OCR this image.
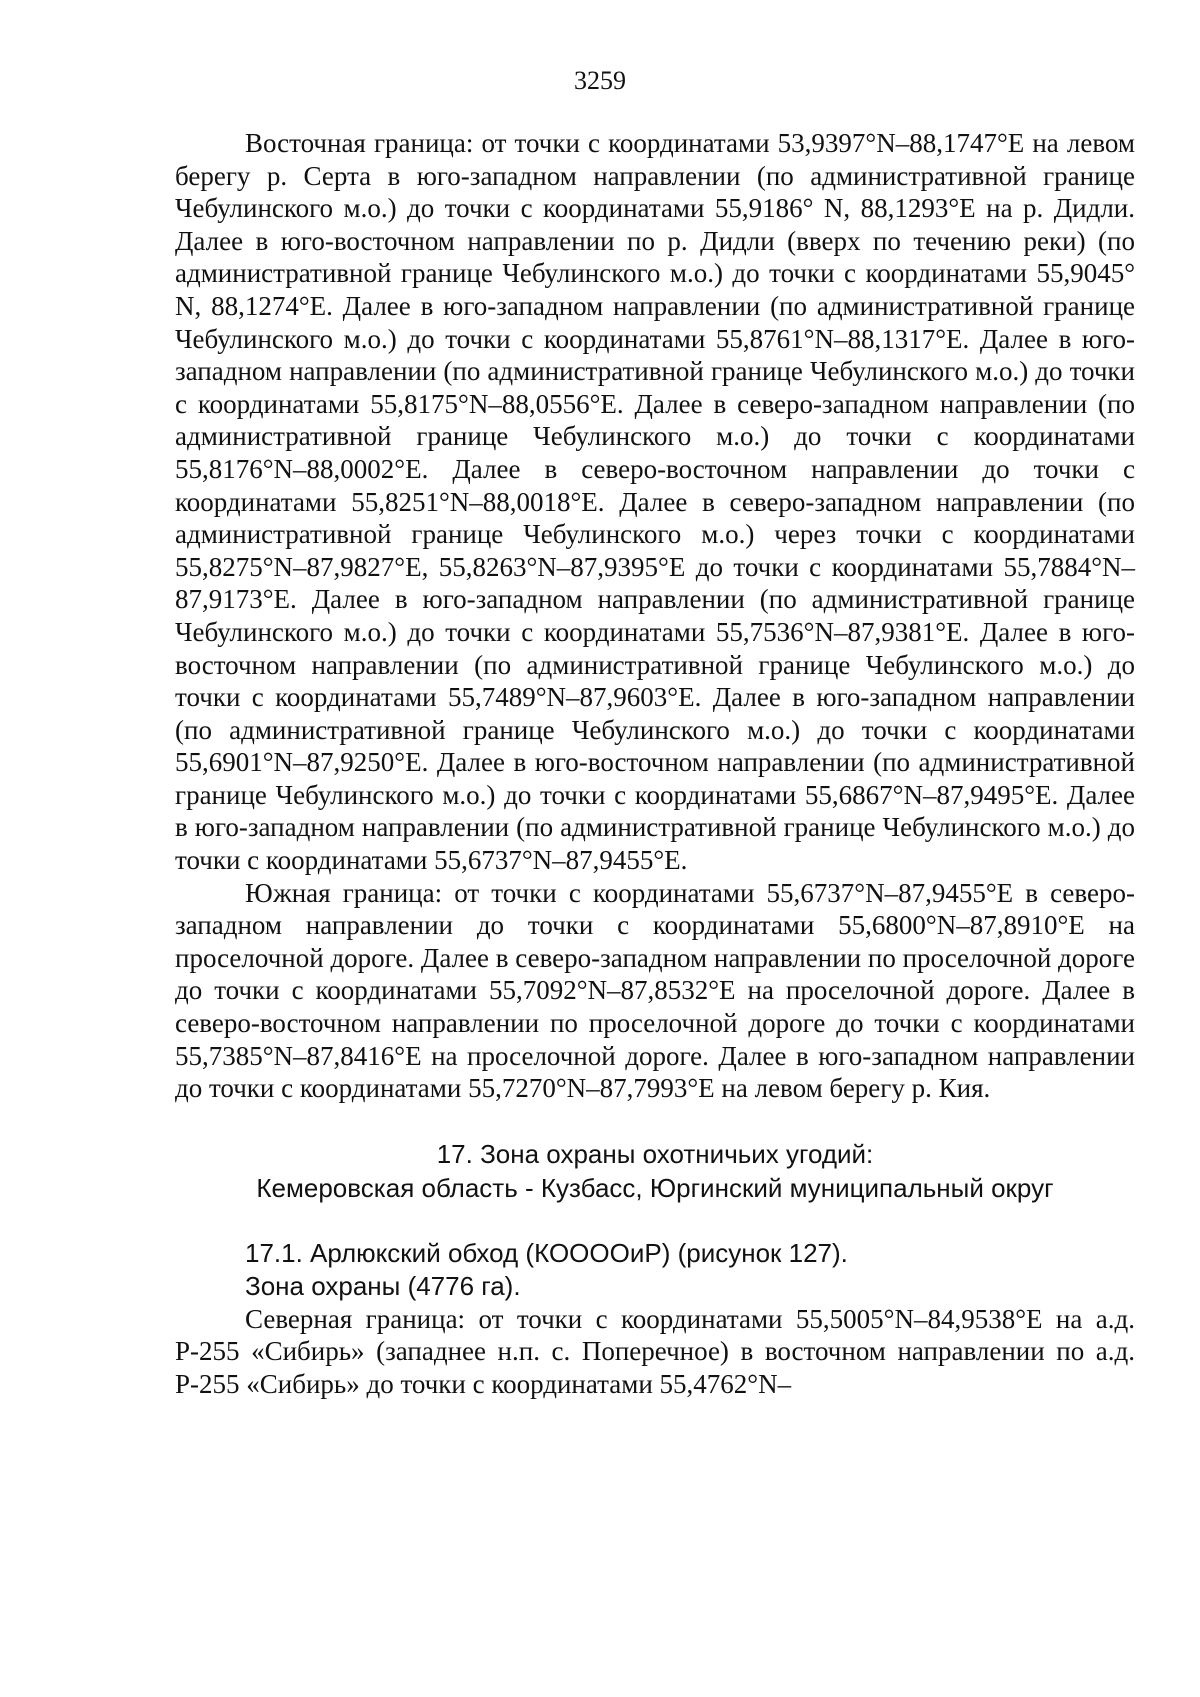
3259

Восточная граница: от точки с координатами 53,9397°N–88,1747°E на левом берегу р. Серта в юго-западном направлении (по административной границе Чебулинского м.о.) до точки с координатами 55,9186° N, 88,1293°E на р. Дидли. Далее в юго-восточном направлении по р. Дидли (вверх по течению реки) (по административной границе Чебулинского м.о.) до точки с координатами 55,9045° N, 88,1274°E. Далее в юго-западном направлении (по административной границе Чебулинского м.о.) до точки с координатами 55,8761°N–88,1317°E. Далее в юго-западном направлении (по административной границе Чебулинского м.о.) до точки с координатами 55,8175°N–88,0556°E. Далее в северо-западном направлении (по административной границе Чебулинского м.о.) до точки с координатами 55,8176°N–88,0002°E. Далее в северо-восточном направлении до точки с координатами 55,8251°N–88,0018°E. Далее в северо-западном направлении (по административной границе Чебулинского м.о.) через точки с координатами 55,8275°N–87,9827°E, 55,8263°N–87,9395°E до точки с координатами 55,7884°N–87,9173°E. Далее в юго-западном направлении (по административной границе Чебулинского м.о.) до точки с координатами 55,7536°N–87,9381°E. Далее в юго-восточном направлении (по административной границе Чебулинского м.о.) до точки с координатами 55,7489°N–87,9603°E. Далее в юго-западном направлении (по административной границе Чебулинского м.о.) до точки с координатами 55,6901°N–87,9250°E. Далее в юго-восточном направлении (по административной границе Чебулинского м.о.) до точки с координатами 55,6867°N–87,9495°E. Далее в юго-западном направлении (по административной границе Чебулинского м.о.) до точки с координатами 55,6737°N–87,9455°E.

Южная граница: от точки с координатами 55,6737°N–87,9455°E в северо-западном направлении до точки с координатами 55,6800°N–87,8910°E на проселочной дороге. Далее в северо-западном направлении по проселочной дороге до точки с координатами 55,7092°N–87,8532°E на проселочной дороге. Далее в северо-восточном направлении по проселочной дороге до точки с координатами 55,7385°N–87,8416°E на проселочной дороге. Далее в юго-западном направлении до точки с координатами 55,7270°N–87,7993°E на левом берегу р. Кия.

17. Зона охраны охотничьих угодий:

Кемеровская область - Кузбасс, Юргинский муниципальный округ

17.1. Арлюкский обход (КООООиР) (рисунок 127).

Зона охраны (4776 га).

Северная граница: от точки с координатами 55,5005°N–84,9538°E на а.д. Р-255 «Сибирь» (западнее н.п. с. Поперечное) в восточном направлении по а.д. Р-255 «Сибирь» до точки с координатами 55,4762°N–
